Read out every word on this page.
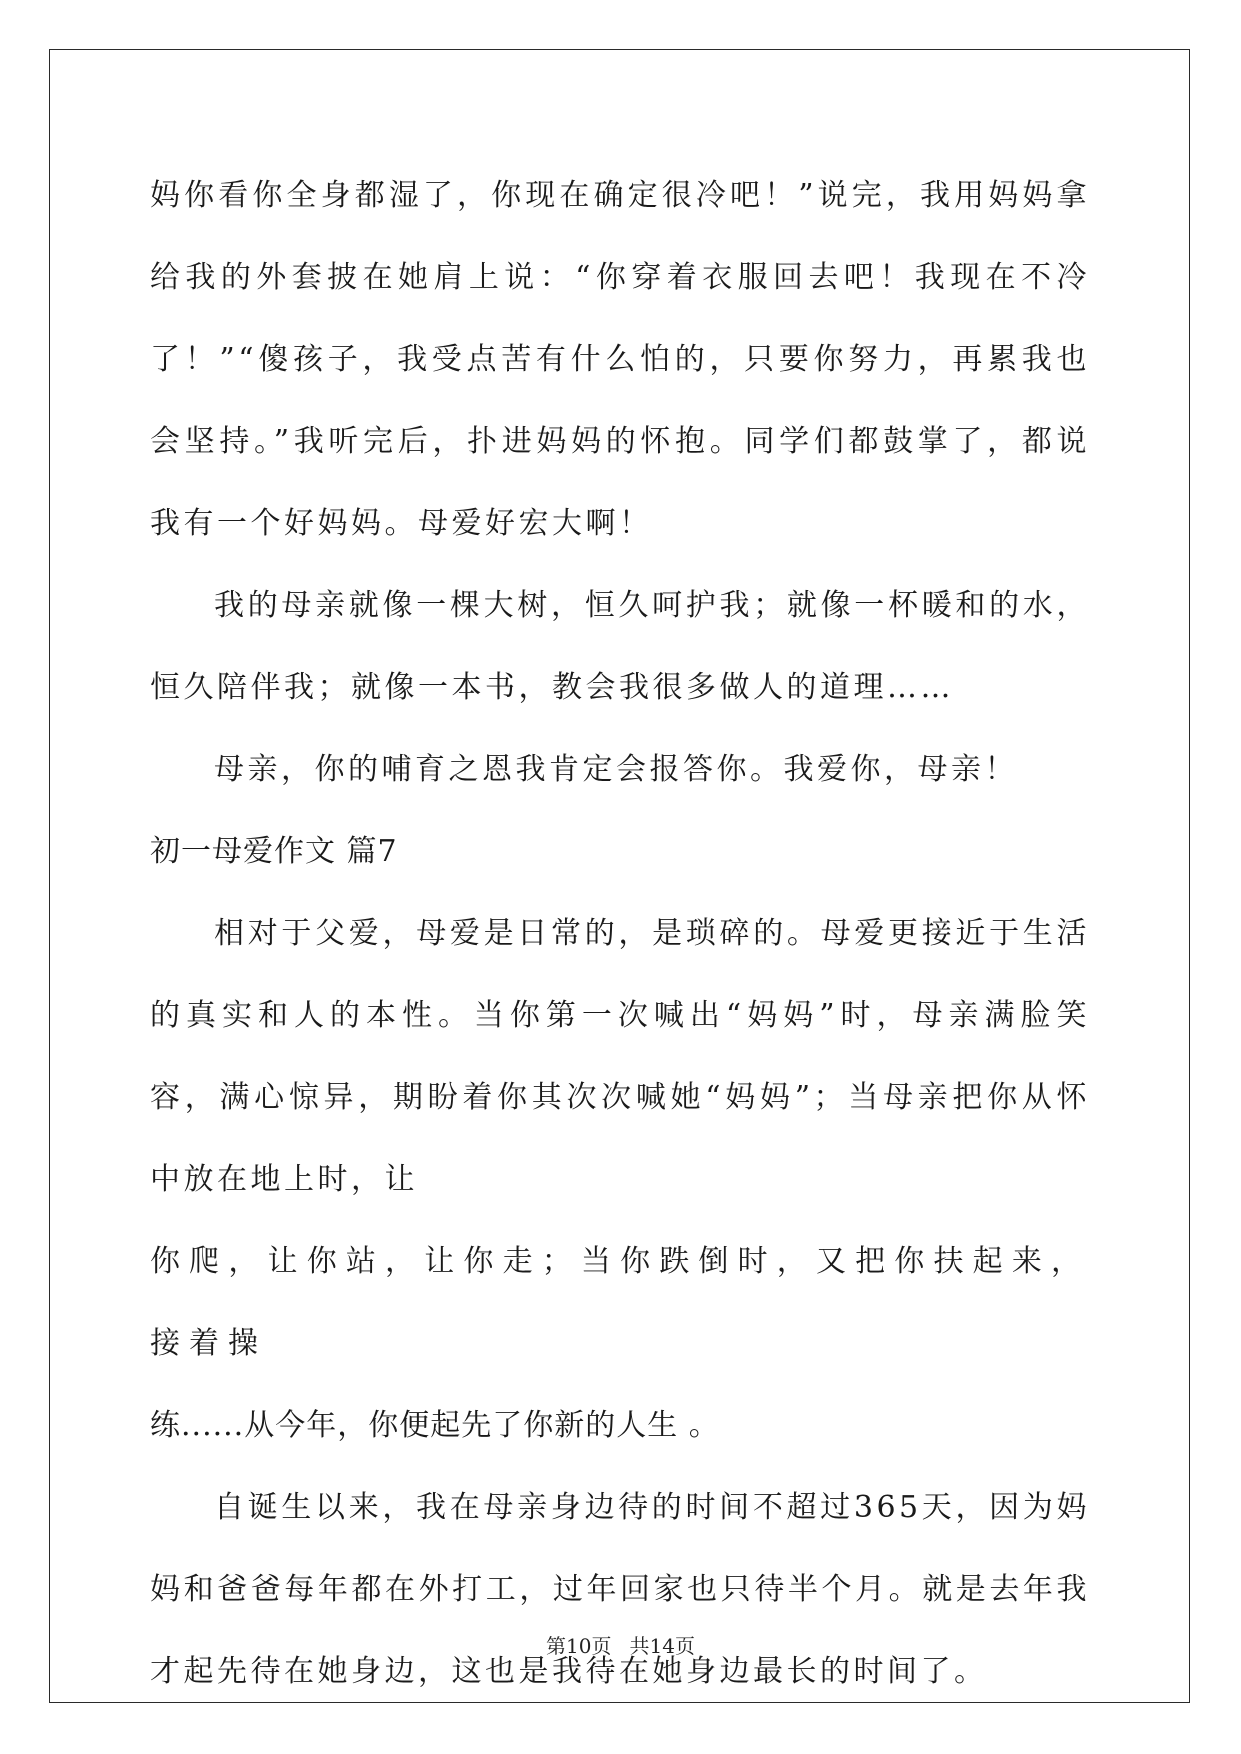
妈你看你全身都湿了，你现在确定很冷吧！”说完，我用妈妈拿给我的外套披在她肩上说：“你穿着衣服回去吧！我现在不冷了！”“傻孩子，我受点苦有什么怕的，只要你努力，再累我也会坚持。”我听完后，扑进妈妈的怀抱。同学们都鼓掌了，都说我有一个好妈妈。母爱好宏大啊！

我的母亲就像一棵大树，恒久呵护我；就像一杯暖和的水，恒久陪伴我；就像一本书，教会我很多做人的道理……

母亲，你的哺育之恩我肯定会报答你。我爱你，母亲！

初一母爱作文 篇7

相对于父爱，母爱是日常的，是琐碎的。母爱更接近于生活的真实和人的本性。当你第一次喊出“妈妈”时，母亲满脸笑容，满心惊异，期盼着你其次次喊她“妈妈”；当母亲把你从怀中放在地上时，让

你爬，让你站，让你走；当你跌倒时，又把你扶起来，接着操

练......从今年，你便起先了你新的人生 。

自诞生以来，我在母亲身边待的时间不超过365天，因为妈妈和爸爸每年都在外打工，过年回家也只待半个月。就是去年我才起先待在她身边，这也是我待在她身边最长的时间了。

第10页 共14页
